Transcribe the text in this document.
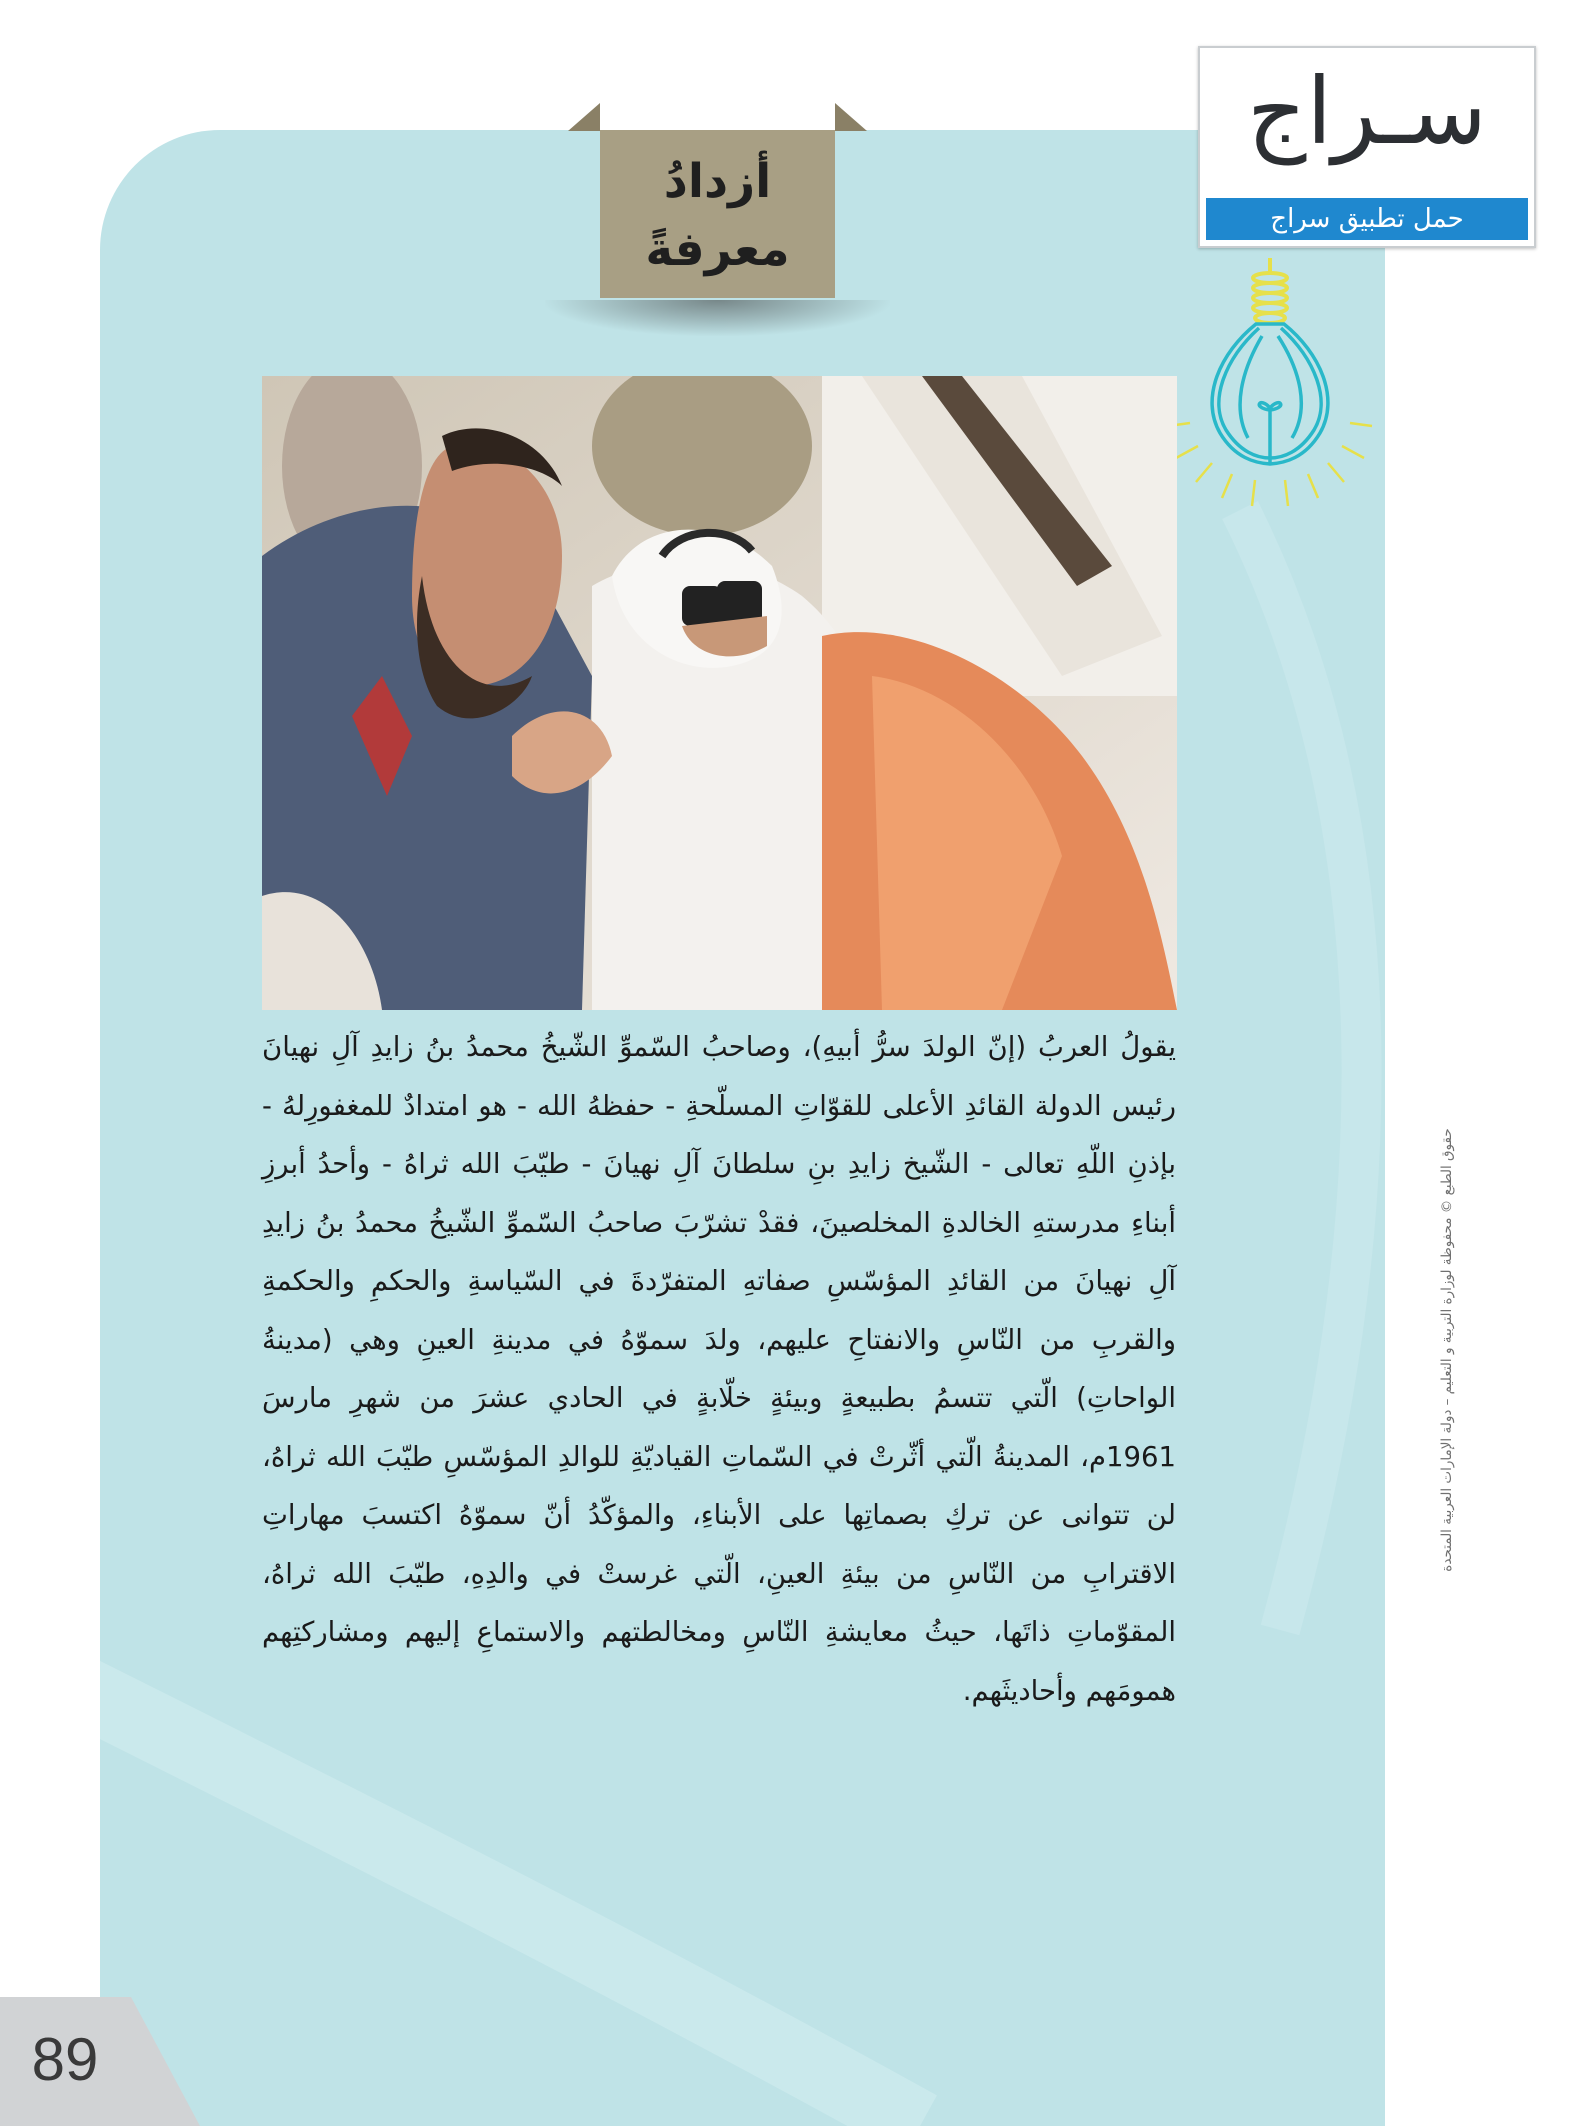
أزدادُ
معرفةً
سـراج
حمل تطبيق سراج
يقولُ العربُ (إنّ الولدَ سرُّ أبيهِ)، وصاحبُ السّموِّ الشّيخُ محمدُ بنُ زايدِ آلِ نهيانَ رئيس الدولة القائدِ الأعلى للقوّاتِ المسلّحةِ - حفظهُ الله - هو امتدادٌ للمغفورِلهُ - بإذنِ اللّهِ تعالى - الشّيخ زايدِ بنِ سلطانَ آلِ نهيانَ - طيّبَ الله ثراهُ - وأحدُ أبرزِ أبناءِ مدرستهِ الخالدةِ المخلصينَ، فقدْ تشرّبَ صاحبُ السّموِّ الشّيخُ محمدُ بنُ زايدِ آلِ نهيانَ من القائدِ المؤسّسِ صفاتهِ المتفرّدةَ في السّياسةِ والحكمِ والحكمةِ والقربِ من النّاسِ والانفتاحِ عليهم، ولدَ سموّهُ في مدينةِ العينِ وهي (مدينةُ الواحاتِ) الّتي تتسمُ بطبيعةٍ وبيئةٍ خلّابةٍ في الحادي عشرَ من شهرِ مارسَ 1961م، المدينةُ الّتي أثّرتْ في السّماتِ القياديّةِ للوالدِ المؤسّسِ طيّبَ الله ثراهُ، لن تتوانى عن تركِ بصماتِها على الأبناءِ، والمؤكّدُ أنّ سموّهُ اكتسبَ مهاراتِ الاقترابِ من النّاسِ من بيئةِ العينِ، الّتي غرستْ في والدِهِ، طيّبَ الله ثراهُ، المقوّماتِ ذاتَها، حيثُ معايشةِ النّاسِ ومخالطتهم والاستماعِ إليهم ومشاركتِهم همومَهم وأحاديثَهم.
حقوق الطبع © محفوظة لوزارة التربية و التعليم – دولة الإمارات العربية المتحدة
89
